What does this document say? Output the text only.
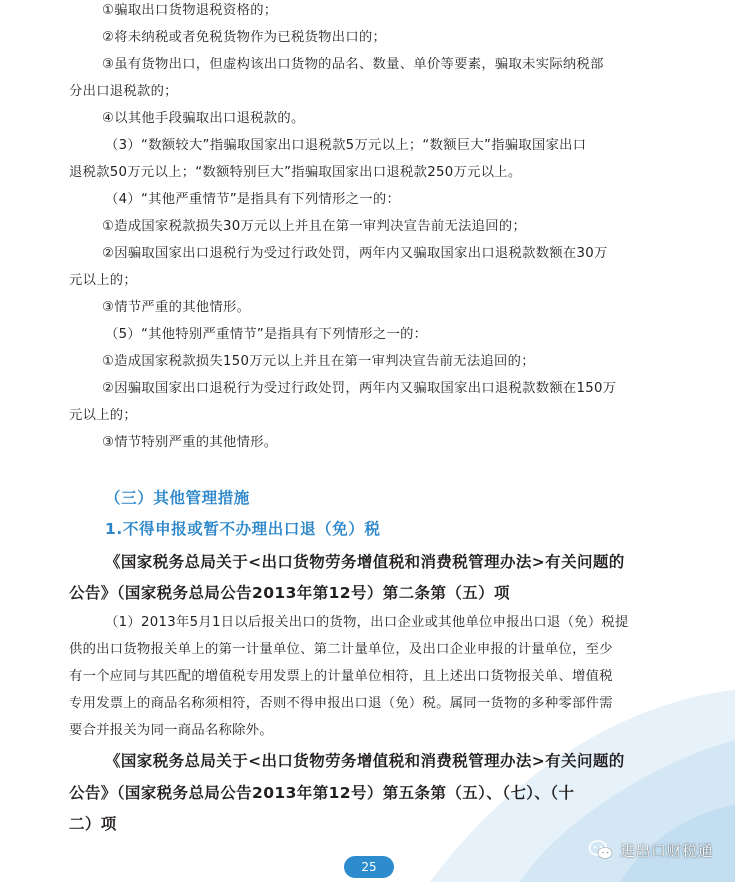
①骗取出口货物退税资格的；
②将未纳税或者免税货物作为已税货物出口的；
③虽有货物出口，但虚构该出口货物的品名、数量、单价等要素，骗取未实际纳税部
分出口退税款的；
④以其他手段骗取出口退税款的。
（3）“数额较大”指骗取国家出口退税款5万元以上；“数额巨大”指骗取国家出口
退税款50万元以上；“数额特别巨大”指骗取国家出口退税款250万元以上。
（4）“其他严重情节”是指具有下列情形之一的：
①造成国家税款损失30万元以上并且在第一审判决宣告前无法追回的；
②因骗取国家出口退税行为受过行政处罚，两年内又骗取国家出口退税款数额在30万
元以上的；
③情节严重的其他情形。
（5）“其他特别严重情节”是指具有下列情形之一的：
①造成国家税款损失150万元以上并且在第一审判决宣告前无法追回的；
②因骗取国家出口退税行为受过行政处罚，两年内又骗取国家出口退税款数额在150万
元以上的；
③情节特别严重的其他情形。
（三）其他管理措施
1.不得申报或暂不办理出口退（免）税
《国家税务总局关于<出口货物劳务增值税和消费税管理办法>有关问题的
公告》（国家税务总局公告2013年第12号）第二条第（五）项
（1）2013年5月1日以后报关出口的货物，出口企业或其他单位申报出口退（免）税提
供的出口货物报关单上的第一计量单位、第二计量单位，及出口企业申报的计量单位，至少
有一个应同与其匹配的增值税专用发票上的计量单位相符，且上述出口货物报关单、增值税
专用发票上的商品名称须相符，否则不得申报出口退（免）税。属同一货物的多种零部件需
要合并报关为同一商品名称除外。
《国家税务总局关于<出口货物劳务增值税和消费税管理办法>有关问题的
公告》（国家税务总局公告2013年第12号）第五条第（五）、（七）、（十
二）项
25
进出口财税通
